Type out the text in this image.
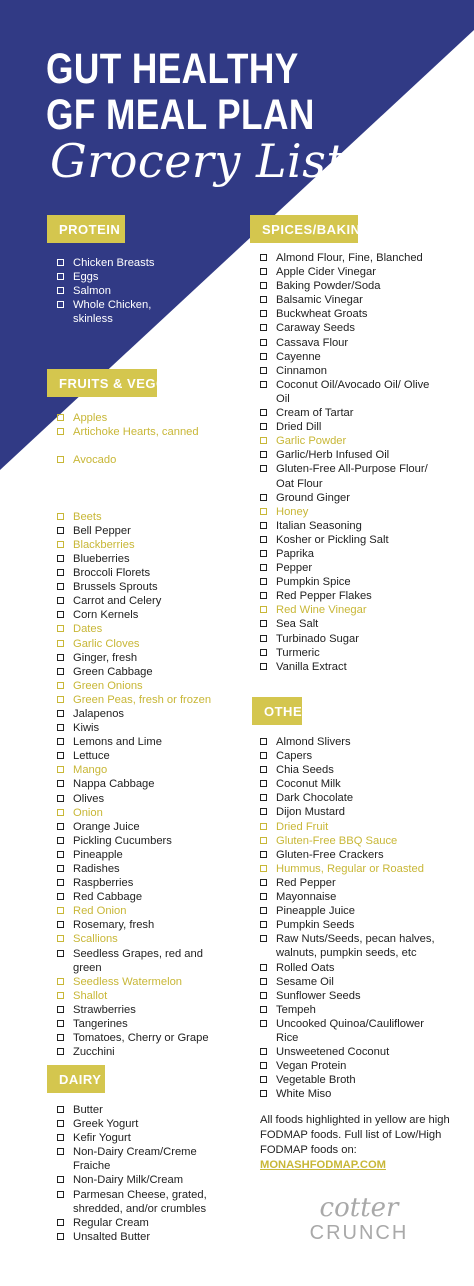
GUT HEALTHY
GF MEAL PLAN
Grocery List
PROTEIN
Chicken Breasts
Eggs
Salmon
Whole Chicken, skinless
FRUITS & VEGGIES
Apples
Artichoke Hearts, canned
Asparagus
Avocado
Baby Spinach
Fresh herbs - Cilantro, Mint, Basil, Parsley
Beets
Bell Pepper
Blackberries
Blueberries
Broccoli Florets
Brussels Sprouts
Carrot and Celery
Corn Kernels
Dates
Garlic Cloves
Ginger, fresh
Green Cabbage
Green Onions
Green Peas, fresh or frozen
Jalapenos
Kiwis
Lemons and Lime
Lettuce
Mango
Nappa Cabbage
Olives
Onion
Orange Juice
Pickling Cucumbers
Pineapple
Radishes
Raspberries
Red Cabbage
Red Onion
Rosemary, fresh
Scallions
Seedless Grapes, red and green
Seedless Watermelon
Shallot
Strawberries
Tangerines
Tomatoes, Cherry or Grape
Zucchini
DAIRY
Butter
Greek Yogurt
Kefir Yogurt
Non-Dairy Cream/Creme Fraiche
Non-Dairy Milk/Cream
Parmesan Cheese, grated, shredded, and/or crumbles
Regular Cream
Unsalted Butter
SPICES/BAKING
Almond Flour, Fine, Blanched
Apple Cider Vinegar
Baking Powder/Soda
Balsamic Vinegar
Buckwheat Groats
Caraway Seeds
Cassava Flour
Cayenne
Cinnamon
Coconut Oil/Avocado Oil/ Olive Oil
Cream of Tartar
Dried Dill
Garlic Powder
Garlic/Herb Infused Oil
Gluten-Free All-Purpose Flour/ Oat Flour
Ground Ginger
Honey
Italian Seasoning
Kosher or Pickling Salt
Paprika
Pepper
Pumpkin Spice
Red Pepper Flakes
Red Wine Vinegar
Sea Salt
Turbinado Sugar
Turmeric
Vanilla Extract
OTHER
Almond Slivers
Capers
Chia Seeds
Coconut Milk
Dark Chocolate
Dijon Mustard
Dried Fruit
Gluten-Free BBQ Sauce
Gluten-Free Crackers
Hummus, Regular or Roasted
Red Pepper
Mayonnaise
Pineapple Juice
Pumpkin Seeds
Raw Nuts/Seeds, pecan halves, walnuts, pumpkin seeds, etc
Rolled Oats
Sesame Oil
Sunflower Seeds
Tempeh
Uncooked Quinoa/Cauliflower Rice
Unsweetened Coconut
Vegan Protein
Vegetable Broth
White Miso

All foods highlighted in yellow are high FODMAP foods. Full list of Low/High FODMAP foods on: MONASHFODMAP.COM

cotter
CRUNCH
